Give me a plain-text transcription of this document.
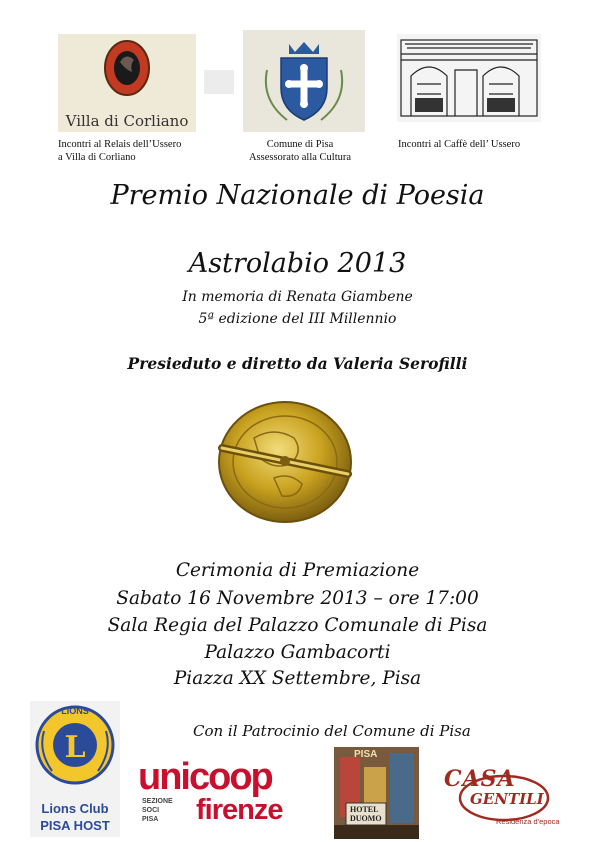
Villa di Corliano
Incontri al Relais dell’Ussero
a Villa di Corliano
Comune di Pisa
Assessorato alla Cultura
Incontri al Caffè dell’ Ussero
Premio Nazionale di Poesia
Astrolabio 2013
In memoria di Renata Giambene
5ª edizione del III Millennio
Presieduto e diretto da Valeria Serofilli
Cerimonia di Premiazione
Sabato 16 Novembre 2013 – ore 17:00
Sala Regia del Palazzo Comunale di Pisa
Palazzo Gambacorti
Piazza XX Settembre, Pisa
Con il Patrocinio del Comune di Pisa
L
LIONS
Lions Club
PISA HOST
unicoop
SEZIONE
SOCI
PISA firenze
PISA
HOTEL
DUOMO
CASA
GENTILI
Residenza d'epoca
